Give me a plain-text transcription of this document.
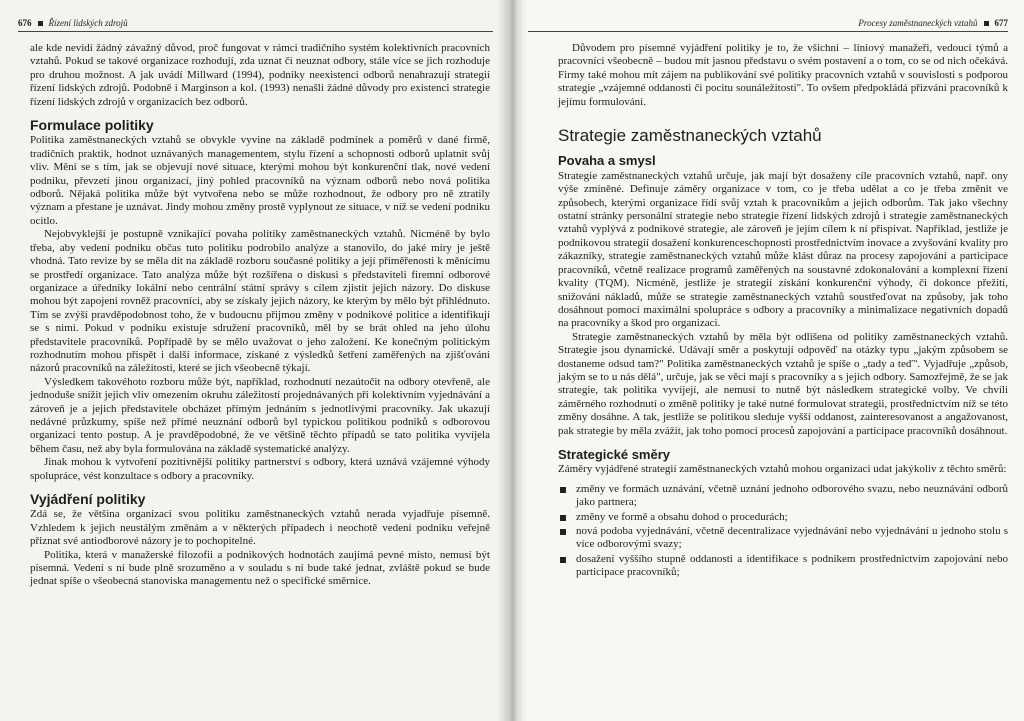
676 Řízení lidských zdrojů

ale kde nevidí žádný závažný důvod, proč fungovat v rámci tradičního systém kolektivních pracovních vztahů. Pokud se takové organizace rozhodují, zda uznat či neuznat odbory, stále více se jich rozhoduje pro druhou možnost. A jak uvádí Millward (1994), podniky neexistenci odborů nenahrazují strategií řízení lidských zdrojů. Podobně i Marginson a kol. (1993) nenašli žádné důvody pro existenci strategie řízení lidských zdrojů v organizacích bez odborů.

Formulace politiky

Politika zaměstnaneckých vztahů se obvykle vyvine na základě podmínek a poměrů v dané firmě, tradičních praktik, hodnot uznávaných managementem, stylu řízení a schopnosti odborů uplatnit svůj vliv. Mění se s tím, jak se objevují nové situace, kterými mohou být konkurenční tlak, nové vedení podniku, převzetí jinou organizací, jiný pohled pracovníků na význam odborů nebo nová politika odborů. Nějaká politika může být vytvořena nebo se může rozhodnout, že odbory pro ně ztratily význam a přestane je uznávat. Jindy mohou změny prostě vyplynout ze situace, v níž se vedení podniku ocitlo.

Nejobvyklejší je postupně vznikající povaha politiky zaměstnaneckých vztahů. Nicméně by bylo třeba, aby vedení podniku občas tuto politiku podrobilo analýze a stanovilo, do jaké míry je ještě vhodná. Tato revize by se měla dít na základě rozboru současné politiky a její přiměřenosti k měnícímu se prostředí organizace. Tato analýza může být rozšířena o diskusi s představiteli firemní odborové organizace a úředníky lokální nebo centrální státní správy s cílem zjistit jejich názory. Do diskuse mohou být zapojeni rovněž pracovníci, aby se získaly jejich názory, ke kterým by mělo být přihlédnuto. Tím se zvýší pravděpodobnost toho, že v budoucnu přijmou změny v podnikové politice a identifikují se s nimi. Pokud v podniku existuje sdružení pracovníků, měl by se brát ohled na jeho úlohu představitele pracovníků. Popřípadě by se mělo uvažovat o jeho založení. Ke konečným politickým rozhodnutím mohou přispět i další informace, získané z výsledků šetření zaměřených na zjišťování názorů pracovníků na záležitosti, které se jich všeobecně týkají.

Výsledkem takovéhoto rozboru může být, například, rozhodnutí nezaútočit na odbory otevřeně, ale jednoduše snížit jejich vliv omezením okruhu záležitostí projednávaných při kolektivním vyjednávání a zároveň je a jejich představitele obcházet přímým jednáním s jednotlivými pracovníky. Jak ukazují nedávné průzkumy, spíše než přímé neuznání odborů byl typickou politikou podniků s odborovou organizací tento postup. A je pravděpodobné, že ve většině těchto případů se tato politika vyvíjela během času, než aby byla formulována na základě systematické analýzy.

Jinak mohou k vytvoření pozitivnější politiky partnerství s odbory, která uznává vzájemné výhody spolupráce, vést konzultace s odbory a pracovníky.

Vyjádření politiky

Zdá se, že většina organizací svou politiku zaměstnaneckých vztahů nerada vyjadřuje písemně. Vzhledem k jejich neustálým změnám a v některých případech i neochotě vedení podniku veřejně přiznat své antiodborové názory je to pochopitelné.

Politika, která v manažerské filozofii a podnikových hodnotách zaujímá pevné místo, nemusí být písemná. Vedení s ní bude plně srozuměno a v souladu s ní bude také jednat, zvláště pokud se bude jednat spíše o všeobecná stanoviska managementu než o specifické směrnice.

Procesy zaměstnaneckých vztahů 677

Důvodem pro písemné vyjádření politiky je to, že všichni – liniový manažeři, vedoucí týmů a pracovníci všeobecně – budou mít jasnou představu o svém postavení a o tom, co se od nich očekává. Firmy také mohou mít zájem na publikování své politiky pracovních vztahů v souvislosti s podporou strategie „vzájemné oddanosti či pocitu sounáležitosti". To ovšem předpokládá přizvání pracovníků k jejímu formulování.

Strategie zaměstnaneckých vztahů
Povaha a smysl

Strategie zaměstnaneckých vztahů určuje, jak mají být dosaženy cíle pracovních vztahů, např. ony výše zmíněné. Definuje záměry organizace v tom, co je třeba udělat a co je třeba změnit ve způsobech, kterými organizace řídí svůj vztah k pracovníkům a jejich odborům. Tak jako všechny ostatní stránky personální strategie nebo strategie řízení lidských zdrojů i strategie zaměstnaneckých vztahů vyplývá z podnikové strategie, ale zároveň je jejím cílem k ní přispívat. Například, jestliže je podnikovou strategií dosažení konkurenceschopnosti prostřednictvím inovace a zvyšování kvality pro zákazníky, strategie zaměstnaneckých vztahů může klást důraz na procesy zapojování a participace pracovníků, včetně realizace programů zaměřených na soustavné zdokonalování a komplexní řízení kvality (TQM). Nicméně, jestliže je strategií získání konkurenční výhody, či dokonce přežití, snižování nákladů, může se strategie zaměstnaneckých vztahů soustřeďovat na způsoby, jak toho dosáhnout pomocí maximální spolupráce s odbory a pracovníky a minimalizace negativních dopadů na pracovníky a škod pro organizaci.

Strategie zaměstnaneckých vztahů by měla být odlišena od politiky zaměstnaneckých vztahů. Strategie jsou dynamické. Udávají směr a poskytují odpověď na otázky typu „jakým způsobem se dostaneme odsud tam?" Politika zaměstnaneckých vztahů je spíše o „tady a teď". Vyjadřuje „způsob, jakým se to u nás dělá", určuje, jak se věci mají s pracovníky a s jejich odbory. Samozřejmě, že se jak strategie, tak politika vyvíjejí, ale nemusí to nutně být následkem strategické volby. Ve chvíli záměrného rozhodnutí o změně politiky je také nutné formulovat strategii, prostřednictvím níž se této změny dosáhne. A tak, jestliže se politikou sleduje vyšší oddanost, zainteresovanost a angažovanost, pak strategie by měla zvážit, jak toho pomocí procesů zapojování a participace pracovníků dosáhnout.

Strategické směry

Záměry vyjádřené strategií zaměstnaneckých vztahů mohou organizaci udat jakýkoliv z těchto směrů:

změny ve formách uznávání, včetně uznání jednoho odborového svazu, nebo neuznávání odborů jako partnera;
změny ve formě a obsahu dohod o procedurách;
nová podoba vyjednávání, včetně decentralizace vyjednávání nebo vyjednávání u jednoho stolu s více odborovými svazy;
dosažení vyššího stupně oddanosti a identifikace s podnikem prostřednictvím zapojování nebo participace pracovníků;
